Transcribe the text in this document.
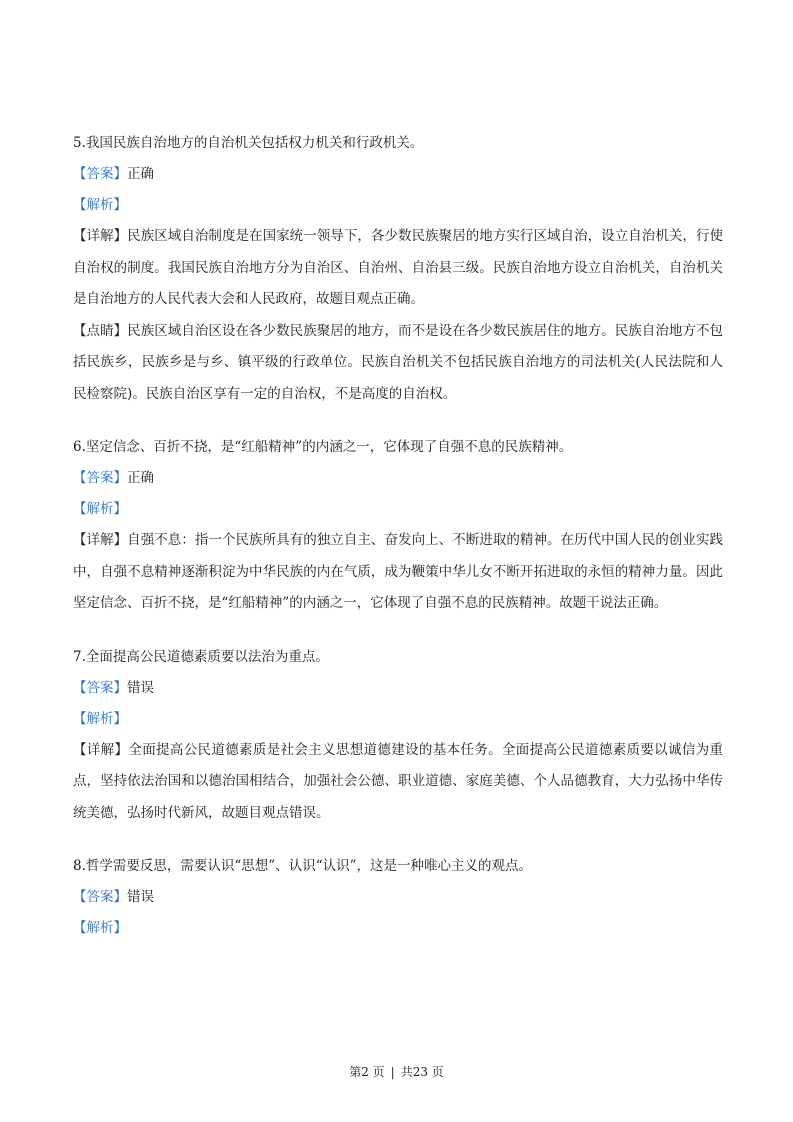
5.我国民族自治地方的自治机关包括权力机关和行政机关。

【答案】正确

【解析】

【详解】民族区域自治制度是在国家统一领导下，各少数民族聚居的地方实行区域自治，设立自治机关，行使自治权的制度。我国民族自治地方分为自治区、自治州、自治县三级。民族自治地方设立自治机关，自治机关是自治地方的人民代表大会和人民政府，故题目观点正确。

【点睛】民族区域自治区设在各少数民族聚居的地方，而不是设在各少数民族居住的地方。民族自治地方不包括民族乡，民族乡是与乡、镇平级的行政单位。民族自治机关不包括民族自治地方的司法机关(人民法院和人民检察院)。民族自治区享有一定的自治权，不是高度的自治权。

6.坚定信念、百折不挠，是“红船精神”的内涵之一，它体现了自强不息的民族精神。

【答案】正确

【解析】

【详解】自强不息：指一个民族所具有的独立自主、奋发向上、不断进取的精神。在历代中国人民的创业实践中，自强不息精神逐渐积淀为中华民族的内在气质，成为鞭策中华儿女不断开拓进取的永恒的精神力量。因此坚定信念、百折不挠，是“红船精神”的内涵之一，它体现了自强不息的民族精神。故题干说法正确。

7.全面提高公民道德素质要以法治为重点。

【答案】错误

【解析】

【详解】全面提高公民道德素质是社会主义思想道德建设的基本任务。全面提高公民道德素质要以诚信为重点，坚持依法治国和以德治国相结合，加强社会公德、职业道德、家庭美德、个人品德教育，大力弘扬中华传统美德，弘扬时代新风，故题目观点错误。

8.哲学需要反思，需要认识“思想”、认识“认识”，这是一种唯心主义的观点。

【答案】错误

【解析】

第2 页 | 共23 页
